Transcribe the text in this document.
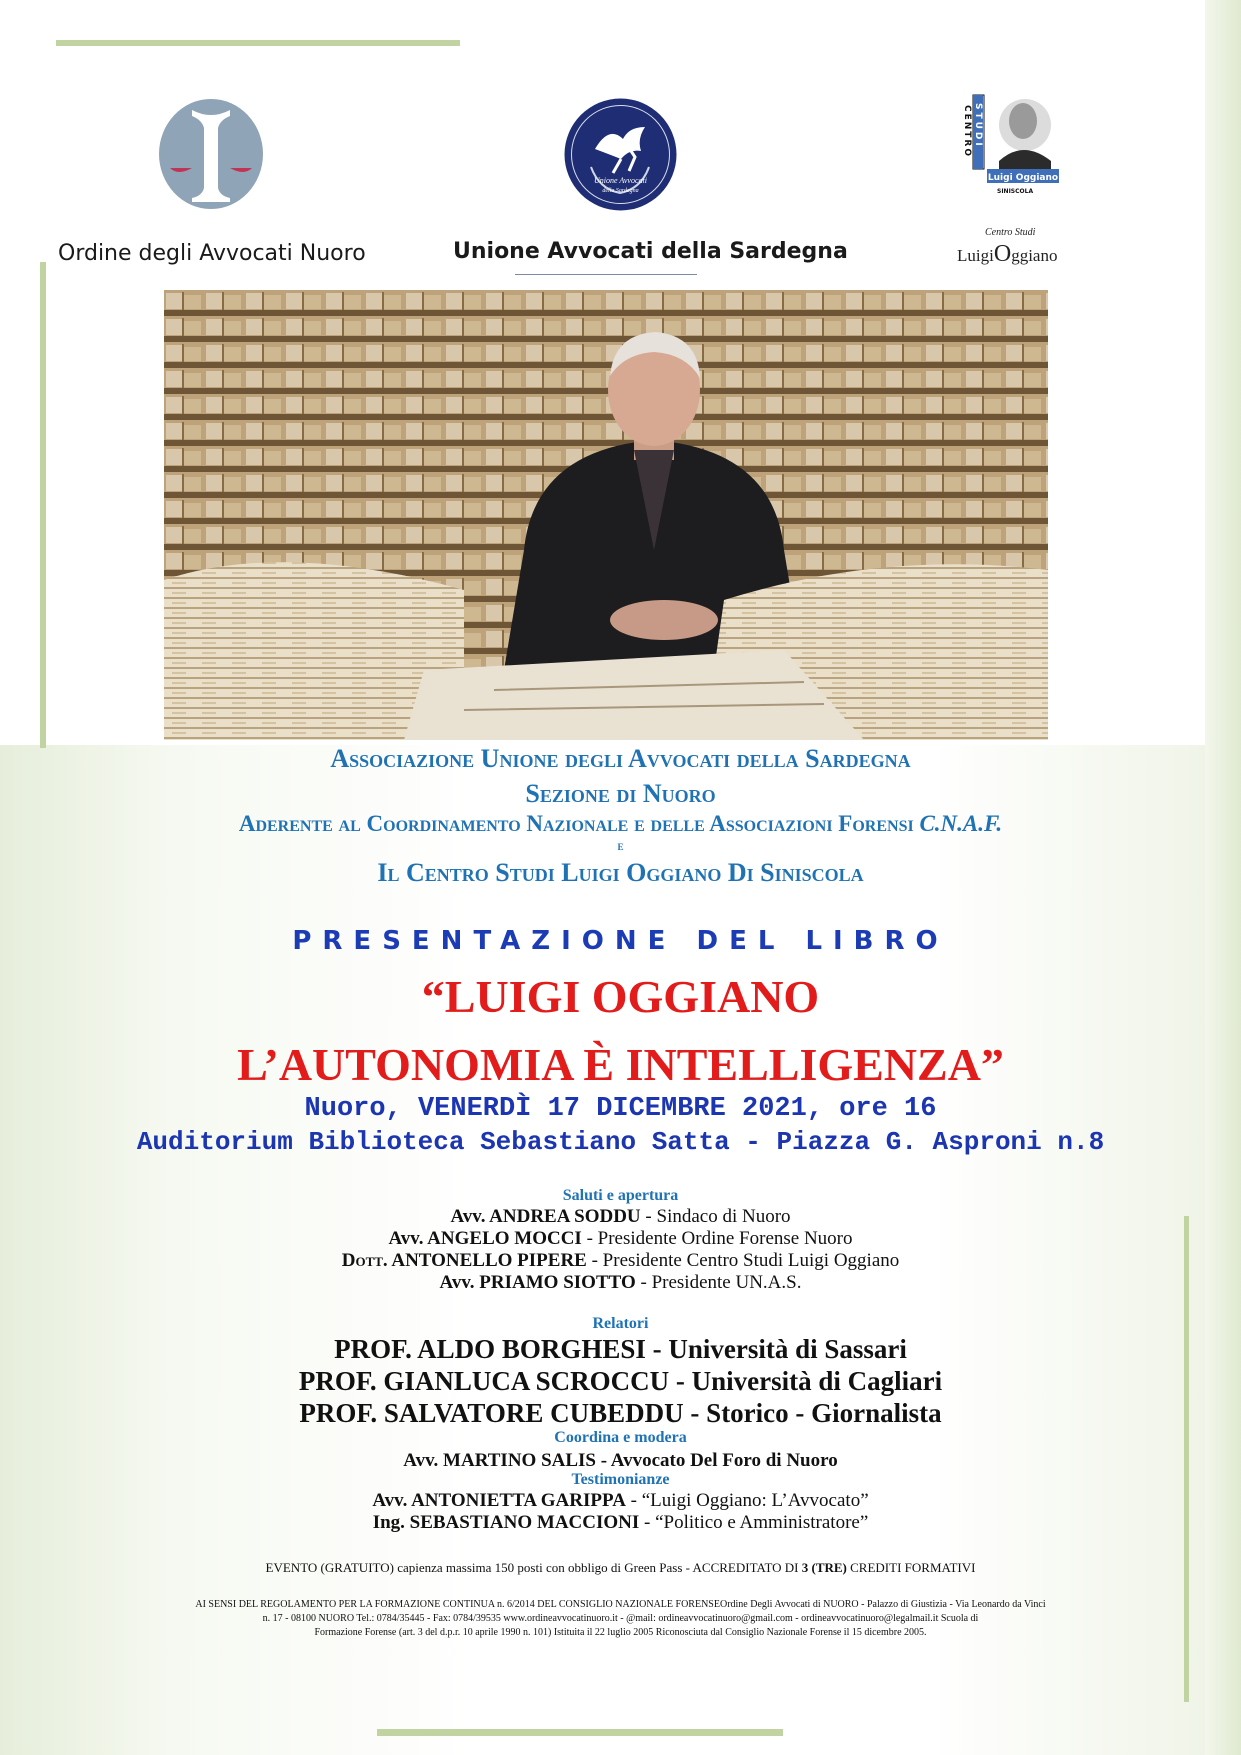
Unione Avvocati
della Sardegna
CENTRO STUDI
Luigi Oggiano
SINISCOLA
Ordine degli Avvocati Nuoro	Unione Avvocati della Sardegna
Centro Studi
LuigiOggiano
Associazione Unione degli Avvocati della Sardegna
Sezione di Nuoro
Aderente al Coordinamento Nazionale e delle Associazioni Forensi C.N.A.F.
e
Il Centro Studi Luigi Oggiano Di Siniscola
PRESENTAZIONE DEL LIBRO
“LUIGI OGGIANO
L’AUTONOMIA È INTELLIGENZA”
Nuoro, VENERDÌ 17 DICEMBRE 2021, ore 16
Auditorium Biblioteca Sebastiano Satta - Piazza G. Asproni n.8
Saluti e apertura
Avv. ANDREA SODDU - Sindaco di Nuoro
Avv. ANGELO MOCCI - Presidente Ordine Forense Nuoro
Dott. ANTONELLO PIPERE - Presidente Centro Studi Luigi Oggiano
Avv. PRIAMO SIOTTO - Presidente UN.A.S.
Relatori
PROF. ALDO BORGHESI - Università di Sassari
PROF. GIANLUCA SCROCCU - Università di Cagliari
PROF. SALVATORE CUBEDDU - Storico - Giornalista
Coordina e modera
Avv. MARTINO SALIS - Avvocato Del Foro di Nuoro
Testimonianze
Avv. ANTONIETTA GARIPPA - “Luigi Oggiano: L’Avvocato”
Ing. SEBASTIANO MACCIONI - “Politico e Amministratore”
EVENTO (GRATUITO) capienza massima 150 posti con obbligo di Green Pass - ACCREDITATO DI 3 (TRE) CREDITI FORMATIVI
AI SENSI DEL REGOLAMENTO PER LA FORMAZIONE CONTINUA n. 6/2014 DEL CONSIGLIO NAZIONALE FORENSEOrdine Degli Avvocati di NUORO - Palazzo di Giustizia - Via Leonardo da Vinci
n. 17 - 08100 NUORO Tel.: 0784/35445 - Fax: 0784/39535 www.ordineavvocatinuoro.it - @mail: ordineavvocatinuoro@gmail.com - ordineavvocatinuoro@legalmail.it Scuola di
Formazione Forense (art. 3 del d.p.r. 10 aprile 1990 n. 101) Istituita il 22 luglio 2005 Riconosciuta dal Consiglio Nazionale Forense il 15 dicembre 2005.
